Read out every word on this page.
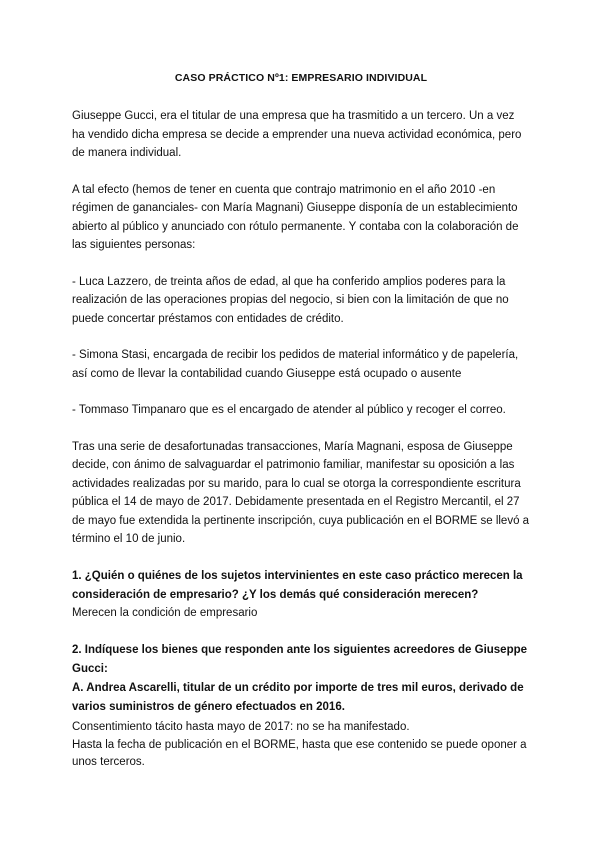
CASO PRÁCTICO Nº1: EMPRESARIO INDIVIDUAL

Giuseppe Gucci, era el titular de una empresa que ha trasmitido a un tercero. Un a vez ha vendido dicha empresa se decide a emprender una nueva actividad económica, pero de manera individual.

A tal efecto (hemos de tener en cuenta que contrajo matrimonio en el año 2010 -en régimen de gananciales- con María Magnani) Giuseppe disponía de un establecimiento abierto al público y anunciado con rótulo permanente. Y contaba con la colaboración de las siguientes personas:

- Luca Lazzero, de treinta años de edad, al que ha conferido amplios poderes para la realización de las operaciones propias del negocio, si bien con la limitación de que no puede concertar préstamos con entidades de crédito.

- Simona Stasi, encargada de recibir los pedidos de material informático y de papelería, así como de llevar la contabilidad cuando Giuseppe está ocupado o ausente

- Tommaso Timpanaro que es el encargado de atender al público y recoger el correo.

Tras una serie de desafortunadas transacciones, María Magnani, esposa de Giuseppe decide, con ánimo de salvaguardar el patrimonio familiar, manifestar su oposición a las actividades realizadas por su marido, para lo cual se otorga la correspondiente escritura pública el 14 de mayo de 2017. Debidamente presentada en el Registro Mercantil, el 27 de mayo fue extendida la pertinente inscripción, cuya publicación en el BORME se llevó a término el 10 de junio.

1. ¿Quién o quiénes de los sujetos intervinientes en este caso práctico merecen la consideración de empresario? ¿Y los demás qué consideración merecen?
Merecen la condición de empresario
2. Indíquese los bienes que responden ante los siguientes acreedores de Giuseppe Gucci:
A. Andrea Ascarelli, titular de un crédito por importe de tres mil euros, derivado de varios suministros de género efectuados en 2016.
Consentimiento tácito hasta mayo de 2017: no se ha manifestado.
Hasta la fecha de publicación en el BORME, hasta que ese contenido se puede oponer a unos terceros.
